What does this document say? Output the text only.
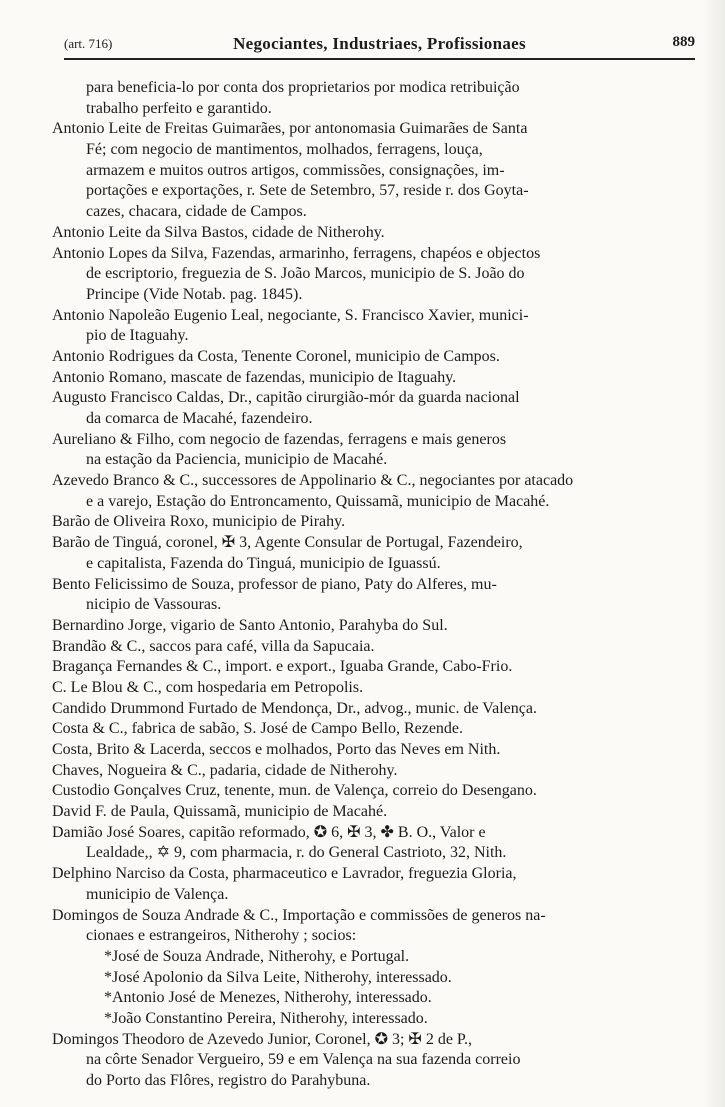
(art. 716)	Negociantes, Industriaes, Profissionaes	889
para beneficia-lo por conta dos proprietarios por modica retribuição
trabalho perfeito e garantido.
Antonio Leite de Freitas Guimarães, por antonomasia Guimarães de Santa
Fé; com negocio de mantimentos, molhados, ferragens, louça,
armazem e muitos outros artigos, commissões, consignações, im-
portações e exportações, r. Sete de Setembro, 57, reside r. dos Goyta-
cazes, chacara, cidade de Campos.
Antonio Leite da Silva Bastos, cidade de Nitherohy.
Antonio Lopes da Silva, Fazendas, armarinho, ferragens, chapéos e objectos
de escriptorio, freguezia de S. João Marcos, municipio de S. João do
Principe (Vide Notab. pag. 1845).
Antonio Napoleão Eugenio Leal, negociante, S. Francisco Xavier, munici-
pio de Itaguahy.
Antonio Rodrigues da Costa, Tenente Coronel, municipio de Campos.
Antonio Romano, mascate de fazendas, municipio de Itaguahy.
Augusto Francisco Caldas, Dr., capitão cirurgião-mór da guarda nacional
da comarca de Macahé, fazendeiro.
Aureliano & Filho, com negocio de fazendas, ferragens e mais generos
na estação da Paciencia, municipio de Macahé.
Azevedo Branco & C., successores de Appolinario & C., negociantes por atacado
e a varejo, Estação do Entroncamento, Quissamã, municipio de Macahé.
Barão de Oliveira Roxo, municipio de Pirahy.
Barão de Tinguá, coronel, ✠ 3, Agente Consular de Portugal, Fazendeiro,
e capitalista, Fazenda do Tinguá, municipio de Iguassú.
Bento Felicissimo de Souza, professor de piano, Paty do Alferes, mu-
nicipio de Vassouras.
Bernardino Jorge, vigario de Santo Antonio, Parahyba do Sul.
Brandão & C., saccos para café, villa da Sapucaia.
Bragança Fernandes & C., import. e export., Iguaba Grande, Cabo-Frio.
C. Le Blou & C., com hospedaria em Petropolis.
Candido Drummond Furtado de Mendonça, Dr., advog., munic. de Valença.
Costa & C., fabrica de sabão, S. José de Campo Bello, Rezende.
Costa, Brito & Lacerda, seccos e molhados, Porto das Neves em Nith.
Chaves, Nogueira & C., padaria, cidade de Nitherohy.
Custodio Gonçalves Cruz, tenente, mun. de Valença, correio do Desengano.
David F. de Paula, Quissamã, municipio de Macahé.
Damião José Soares, capitão reformado, ✪ 6, ✠ 3, ✤ B. O., Valor e
Lealdade,, ✡ 9, com pharmacia, r. do General Castrioto, 32, Nith.
Delphino Narciso da Costa, pharmaceutico e Lavrador, freguezia Gloria,
municipio de Valença.
Domingos de Souza Andrade & C., Importação e commissões de generos na-
cionaes e estrangeiros, Nitherohy ; socios:
*José de Souza Andrade, Nitherohy, e Portugal.
*José Apolonio da Silva Leite, Nitherohy, interessado.
*Antonio José de Menezes, Nitherohy, interessado.
*João Constantino Pereira, Nitherohy, interessado.
Domingos Theodoro de Azevedo Junior, Coronel, ✪ 3; ✠ 2 de P.,
na côrte Senador Vergueiro, 59 e em Valença na sua fazenda correio
do Porto das Flôres, registro do Parahybuna.
